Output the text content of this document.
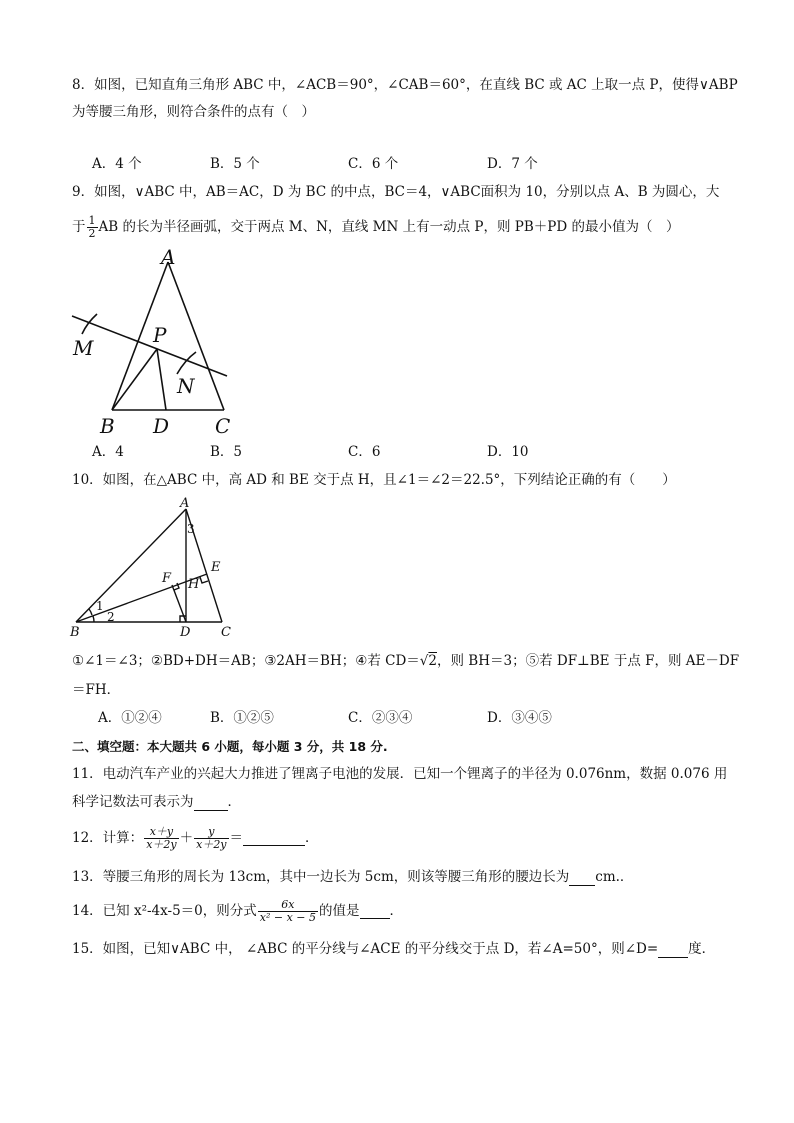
8．如图，已知直角三角形 ABC 中，∠ACB＝90°，∠CAB＝60°，在直线 BC 或 AC 上取一点 P，使得∨ABP
为等腰三角形，则符合条件的点有（　）
A．4 个	B．5 个	C．6 个	D．7 个
9．如图，∨ABC 中，AB＝AC，D 为 BC 的中点，BC＝4，∨ABC面积为 10，分别以点 A、B 为圆心，大
于 $\frac{1}{2}$ AB 的长为半径画弧，交于两点 M、N，直线 MN 上有一动点 P，则 PB＋PD 的最小值为（　）
A
B	C
D
M
N
P
A．4	B．5	C．6	D．10
10．如图，在△ABC 中，高 AD 和 BE 交于点 H，且∠1＝∠2＝22.5°，下列结论正确的有（　　）
A
B	C
D
E
F H
1
2
3
①∠1＝∠3；②BD+DH＝AB；③2AH＝BH；④若 CD＝√2，则 BH＝3；⑤若 DF⊥BE 于点 F，则 AE－DF
＝FH．
A．①②④	B．①②⑤	C．②③④	D．③④⑤
二、填空题：本大题共 6 小题，每小题 3 分，共 18 分.
11．电动汽车产业的兴起大力推进了锂离子电池的发展．已知一个锂离子的半径为 0.076nm，数据 0.076 用
科学记数法可表示为	．
12．计算： $\frac{x+y}{x+2y} + \frac{y}{x+2y}$ ＝	．
13．等腰三角形的周长为 13cm，其中一边长为 5cm，则该等腰三角形的腰边长为 cm.．
14．已知 x²-4x-5＝0，则分式 $\frac{6x}{\text{x² − x − 5}}$ 的值是 ．
15．如图，已知∨ABC 中， ∠ABC 的平分线与∠ACE 的平分线交于点 D，若∠A=50°，则∠D= 度．
